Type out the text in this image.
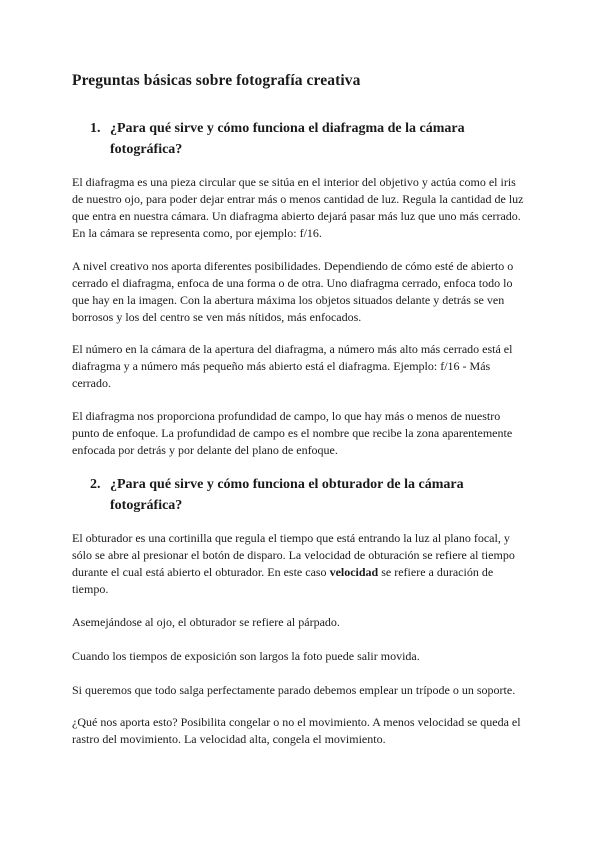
Preguntas básicas sobre fotografía creativa
1. ¿Para qué sirve y cómo funciona el diafragma de la cámara fotográfica?

El diafragma es una pieza circular que se sitúa en el interior del objetivo y actúa como el iris de nuestro ojo, para poder dejar entrar más o menos cantidad de luz. Regula la cantidad de luz que entra en nuestra cámara. Un diafragma abierto dejará pasar más luz que uno más cerrado. En la cámara se representa como, por ejemplo: f/16.

A nivel creativo nos aporta diferentes posibilidades. Dependiendo de cómo esté de abierto o cerrado el diafragma, enfoca de una forma o de otra. Uno diafragma cerrado, enfoca todo lo que hay en la imagen. Con la abertura máxima los objetos situados delante y detrás se ven borrosos y los del centro se ven más nítidos, más enfocados.

El número en la cámara de la apertura del diafragma, a número más alto más cerrado está el diafragma y a número más pequeño más abierto está el diafragma. Ejemplo: f/16 - Más cerrado.

El diafragma nos proporciona profundidad de campo, lo que hay más o menos de nuestro punto de enfoque. La profundidad de campo es el nombre que recibe la zona aparentemente enfocada por detrás y por delante del plano de enfoque.

2. ¿Para qué sirve y cómo funciona el obturador de la cámara fotográfica?

El obturador es una cortinilla que regula el tiempo que está entrando la luz al plano focal, y sólo se abre al presionar el botón de disparo. La velocidad de obturación se refiere al tiempo durante el cual está abierto el obturador. En este caso velocidad se refiere a duración de tiempo.

Asemejándose al ojo, el obturador se refiere al párpado.

Cuando los tiempos de exposición son largos la foto puede salir movida.

Si queremos que todo salga perfectamente parado debemos emplear un trípode o un soporte.

¿Qué nos aporta esto? Posibilita congelar o no el movimiento. A menos velocidad se queda el rastro del movimiento. La velocidad alta, congela el movimiento.
